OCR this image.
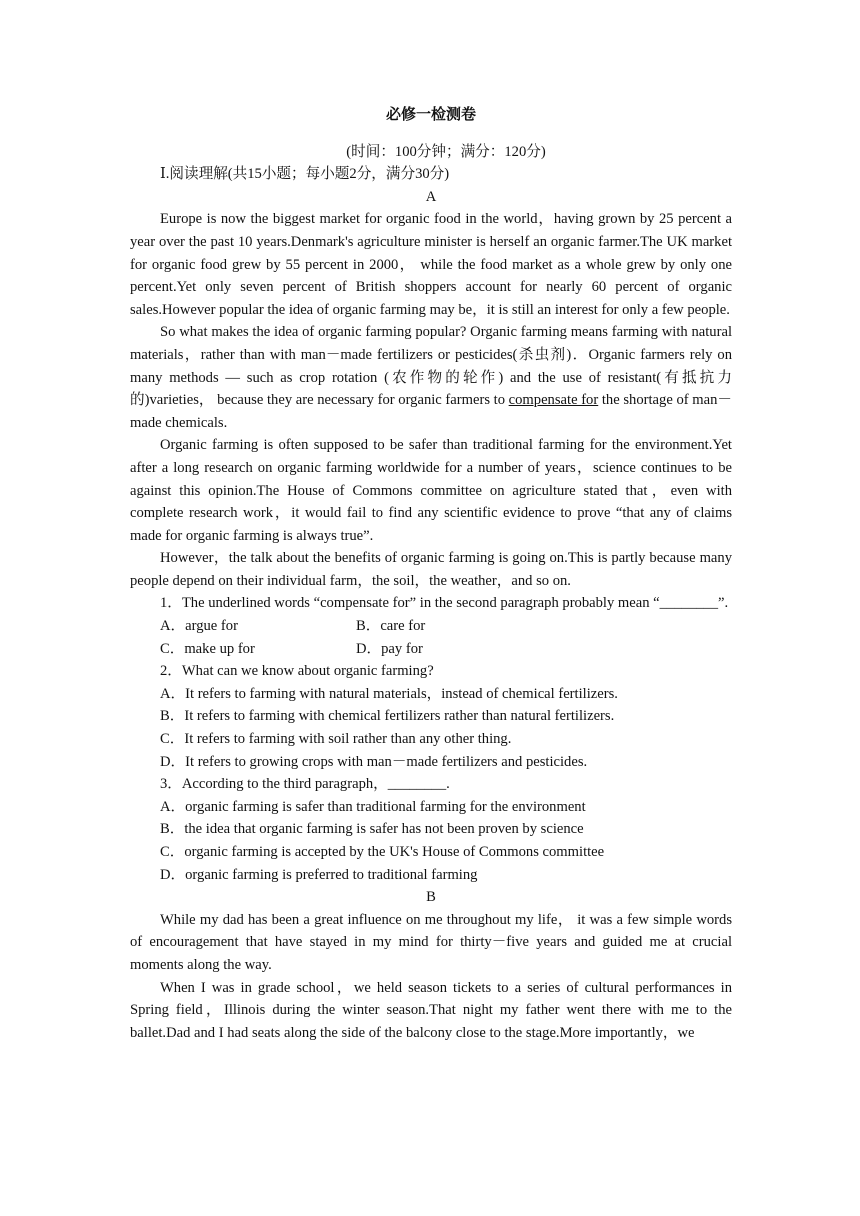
必修一检测卷
(时间：100分钟；满分：120分)
Ⅰ.阅读理解(共15小题；每小题2分，满分30分)
A

Europe is now the biggest market for organic food in the world，having grown by 25 percent a year over the past 10 years.Denmark's agriculture minister is herself an organic farmer.The UK market for organic food grew by 55 percent in 2000， while the food market as a whole grew by only one percent.Yet only seven percent of British shoppers account for nearly 60 percent of organic sales.However popular the idea of organic farming may be，it is still an interest for only a few people.

So what makes the idea of organic farming popular? Organic farming means farming with natural materials，rather than with man－made fertilizers or pesticides(杀虫剂)．Organic farmers rely on many methods — such as crop rotation (农作物的轮作) and the use of resistant(有抵抗力的)varieties， because they are necessary for organic farmers to compensate for the shortage of man－made chemicals.

Organic farming is often supposed to be safer than traditional farming for the environment.Yet after a long research on organic farming worldwide for a number of years，science continues to be against this opinion.The House of Commons committee on agriculture stated that，even with complete research work，it would fail to find any scientific evidence to prove “that any of claims made for organic farming is always true”.

However，the talk about the benefits of organic farming is going on.This is partly because many people depend on their individual farm，the soil，the weather，and so on.

1．The underlined words “compensate for” in the second paragraph probably mean “________”.

A．argue for	B．care for
C．make up for	D．pay for

2．What can we know about organic farming?

A．It refers to farming with natural materials，instead of chemical fertilizers.

B．It refers to farming with chemical fertilizers rather than natural fertilizers.

C．It refers to farming with soil rather than any other thing.

D．It refers to growing crops with man－made fertilizers and pesticides.

3．According to the third paragraph，________.

A．organic farming is safer than traditional farming for the environment

B．the idea that organic farming is safer has not been proven by science

C．organic farming is accepted by the UK's House of Commons committee

D．organic farming is preferred to traditional farming

B

While my dad has been a great influence on me throughout my life， it was a few simple words of encouragement that have stayed in my mind for thirty－five years and guided me at crucial moments along the way.

When I was in grade school，we held season tickets to a series of cultural performances in Spring field，Illinois during the winter season.That night my father went there with me to the ballet.Dad and I had seats along the side of the balcony close to the stage.More importantly，we
